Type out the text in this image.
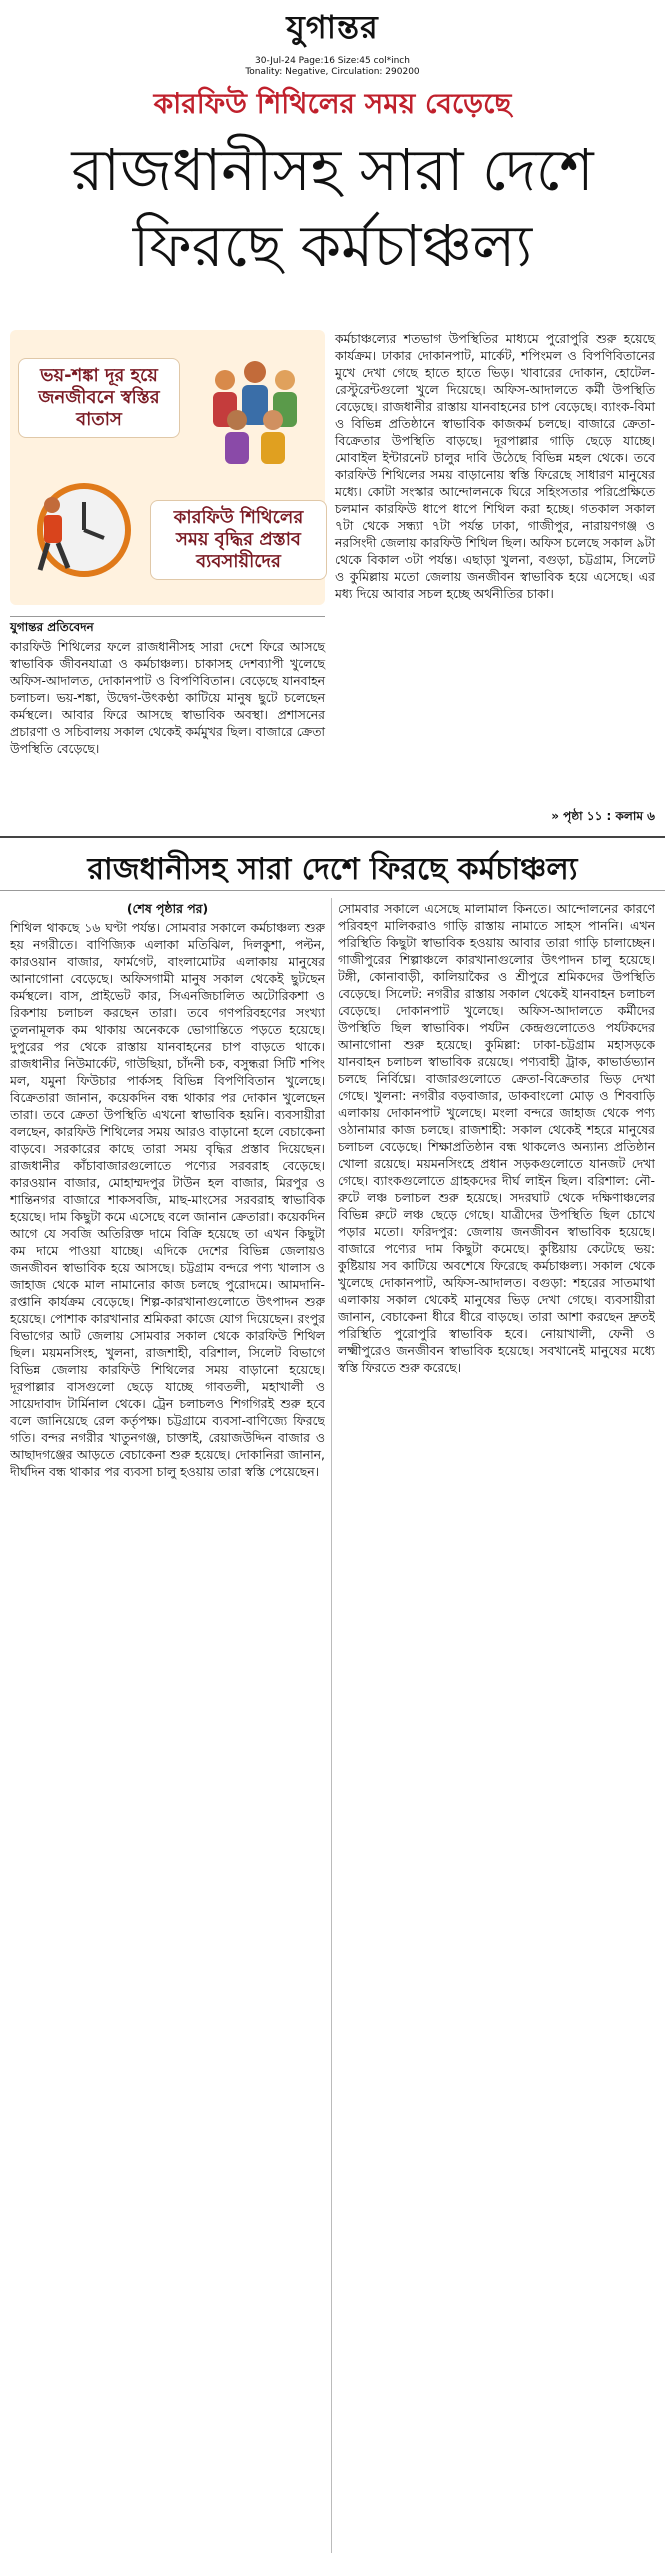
যুগান্তর
30-Jul-24 Page:16 Size:45 col*inch
Tonality: Negative, Circulation: 290200
কারফিউ শিথিলের সময় বেড়েছে
রাজধানীসহ সারা দেশে
ফিরছে কর্মচাঞ্চল্য
ভয়-শঙ্কা দূর হয়ে জনজীবনে স্বস্তির বাতাস
কারফিউ শিথিলের সময় বৃদ্ধির প্রস্তাব ব্যবসায়ীদের
কর্মচাঞ্চল্যের শতভাগ উপস্থিতির মাধ্যমে পুরোপুরি শুরু হয়েছে কার্যক্রম। ঢাকার দোকানপাট, মার্কেট, শপিংমল ও বিপণিবিতানের মুখে দেখা গেছে হাতে হাতে ভিড়। খাবারের দোকান, হোটেল-রেস্টুরেন্টগুলো খুলে দিয়েছে। অফিস-আদালতে কর্মী উপস্থিতি বেড়েছে। রাজধানীর রাস্তায় যানবাহনের চাপ বেড়েছে। ব্যাংক-বিমা ও বিভিন্ন প্রতিষ্ঠানে স্বাভাবিক কাজকর্ম চলছে। বাজারে ক্রেতা-বিক্রেতার উপস্থিতি বাড়ছে। দূরপাল্লার গাড়ি ছেড়ে যাচ্ছে। মোবাইল ইন্টারনেট চালুর দাবি উঠেছে বিভিন্ন মহল থেকে। তবে কারফিউ শিথিলের সময় বাড়ানোয় স্বস্তি ফিরেছে সাধারণ মানুষের মধ্যে। কোটা সংস্কার আন্দোলনকে ঘিরে সহিংসতার পরিপ্রেক্ষিতে চলমান কারফিউ ধাপে ধাপে শিথিল করা হচ্ছে। গতকাল সকাল ৭টা থেকে সন্ধ্যা ৭টা পর্যন্ত ঢাকা, গাজীপুর, নারায়ণগঞ্জ ও নরসিংদী জেলায় কারফিউ শিথিল ছিল। অফিস চলেছে সকাল ৯টা থেকে বিকাল ৩টা পর্যন্ত। এছাড়া খুলনা, বগুড়া, চট্টগ্রাম, সিলেট ও কুমিল্লায় মতো জেলায় জনজীবন স্বাভাবিক হয়ে এসেছে। এর মধ্য দিয়ে আবার সচল হচ্ছে অর্থনীতির চাকা।
যুগান্তর প্রতিবেদন
কারফিউ শিথিলের ফলে রাজধানীসহ সারা দেশে ফিরে আসছে স্বাভাবিক জীবনযাত্রা ও কর্মচাঞ্চল্য। চাকাসহ দেশব্যাপী খুলেছে অফিস-আদালত, দোকানপাট ও বিপণিবিতান। বেড়েছে যানবাহন চলাচল। ভয়-শঙ্কা, উদ্বেগ-উৎকণ্ঠা কাটিয়ে মানুষ ছুটে চলেছেন কর্মস্থলে। আবার ফিরে আসছে স্বাভাবিক অবস্থা। প্রশাসনের প্রচারণা ও সচিবালয় সকাল থেকেই কর্মমুখর ছিল। বাজারে ক্রেতা উপস্থিতি বেড়েছে।
» পৃষ্ঠা ১১ : কলাম ৬
রাজধানীসহ সারা দেশে ফিরছে কর্মচাঞ্চল্য
(শেষ পৃষ্ঠার পর)
শিথিল থাকছে ১৬ ঘণ্টা পর্যন্ত। সোমবার সকালে কর্মচাঞ্চল্য শুরু হয় নগরীতে। বাণিজ্যিক এলাকা মতিঝিল, দিলকুশা, পল্টন, কারওয়ান বাজার, ফার্মগেট, বাংলামোটর এলাকায় মানুষের আনাগোনা বেড়েছে। অফিসগামী মানুষ সকাল থেকেই ছুটছেন কর্মস্থলে। বাস, প্রাইভেট কার, সিএনজিচালিত অটোরিকশা ও রিকশায় চলাচল করছেন তারা। তবে গণপরিবহণের সংখ্যা তুলনামূলক কম থাকায় অনেককে ভোগান্তিতে পড়তে হয়েছে। দুপুরের পর থেকে রাস্তায় যানবাহনের চাপ বাড়তে থাকে। রাজধানীর নিউমার্কেট, গাউছিয়া, চাঁদনী চক, বসুন্ধরা সিটি শপিং মল, যমুনা ফিউচার পার্কসহ বিভিন্ন বিপণিবিতান খুলেছে। বিক্রেতারা জানান, কয়েকদিন বন্ধ থাকার পর দোকান খুলেছেন তারা। তবে ক্রেতা উপস্থিতি এখনো স্বাভাবিক হয়নি। ব্যবসায়ীরা বলছেন, কারফিউ শিথিলের সময় আরও বাড়ানো হলে বেচাকেনা বাড়বে। সরকারের কাছে তারা সময় বৃদ্ধির প্রস্তাব দিয়েছেন। রাজধানীর কাঁচাবাজারগুলোতে পণ্যের সরবরাহ বেড়েছে। কারওয়ান বাজার, মোহাম্মদপুর টাউন হল বাজার, মিরপুর ও শান্তিনগর বাজারে শাকসবজি, মাছ-মাংসের সরবরাহ স্বাভাবিক হয়েছে। দাম কিছুটা কমে এসেছে বলে জানান ক্রেতারা। কয়েকদিন আগে যে সবজি অতিরিক্ত দামে বিক্রি হয়েছে তা এখন কিছুটা কম দামে পাওয়া যাচ্ছে। এদিকে দেশের বিভিন্ন জেলায়ও জনজীবন স্বাভাবিক হয়ে আসছে। চট্টগ্রাম বন্দরে পণ্য খালাস ও জাহাজ থেকে মাল নামানোর কাজ চলছে পুরোদমে। আমদানি-রপ্তানি কার্যক্রম বেড়েছে। শিল্প-কারখানাগুলোতে উৎপাদন শুরু হয়েছে। পোশাক কারখানার শ্রমিকরা কাজে যোগ দিয়েছেন। রংপুর বিভাগের আট জেলায় সোমবার সকাল থেকে কারফিউ শিথিল ছিল। ময়মনসিংহ, খুলনা, রাজশাহী, বরিশাল, সিলেট বিভাগে বিভিন্ন জেলায় কারফিউ শিথিলের সময় বাড়ানো হয়েছে। দূরপাল্লার বাসগুলো ছেড়ে যাচ্ছে গাবতলী, মহাখালী ও সায়েদাবাদ টার্মিনাল থেকে। ট্রেন চলাচলও শিগগিরই শুরু হবে বলে জানিয়েছে রেল কর্তৃপক্ষ। চট্টগ্রামে ব্যবসা-বাণিজ্যে ফিরছে গতি। বন্দর নগরীর খাতুনগঞ্জ, চাক্তাই, রেয়াজউদ্দিন বাজার ও আছাদগঞ্জের আড়তে বেচাকেনা শুরু হয়েছে। দোকানিরা জানান, দীর্ঘদিন বন্ধ থাকার পর ব্যবসা চালু হওয়ায় তারা স্বস্তি পেয়েছেন।
সোমবার সকালে এসেছে মালামাল কিনতে। আন্দোলনের কারণে পরিবহণ মালিকরাও গাড়ি রাস্তায় নামাতে সাহস পাননি। এখন পরিস্থিতি কিছুটা স্বাভাবিক হওয়ায় আবার তারা গাড়ি চালাচ্ছেন। গাজীপুরের শিল্পাঞ্চলে কারখানাগুলোর উৎপাদন চালু হয়েছে। টঙ্গী, কোনাবাড়ী, কালিয়াকৈর ও শ্রীপুরে শ্রমিকদের উপস্থিতি বেড়েছে। সিলেট: নগরীর রাস্তায় সকাল থেকেই যানবাহন চলাচল বেড়েছে। দোকানপাট খুলেছে। অফিস-আদালতে কর্মীদের উপস্থিতি ছিল স্বাভাবিক। পর্যটন কেন্দ্রগুলোতেও পর্যটকদের আনাগোনা শুরু হয়েছে। কুমিল্লা: ঢাকা-চট্টগ্রাম মহাসড়কে যানবাহন চলাচল স্বাভাবিক রয়েছে। পণ্যবাহী ট্রাক, কাভার্ডভ্যান চলছে নির্বিঘ্নে। বাজারগুলোতে ক্রেতা-বিক্রেতার ভিড় দেখা গেছে। খুলনা: নগরীর বড়বাজার, ডাকবাংলো মোড় ও শিববাড়ি এলাকায় দোকানপাট খুলেছে। মংলা বন্দরে জাহাজ থেকে পণ্য ওঠানামার কাজ চলছে। রাজশাহী: সকাল থেকেই শহরে মানুষের চলাচল বেড়েছে। শিক্ষাপ্রতিষ্ঠান বন্ধ থাকলেও অন্যান্য প্রতিষ্ঠান খোলা রয়েছে। ময়মনসিংহে প্রধান সড়কগুলোতে যানজট দেখা গেছে। ব্যাংকগুলোতে গ্রাহকদের দীর্ঘ লাইন ছিল। বরিশাল: নৌ-রুটে লঞ্চ চলাচল শুরু হয়েছে। সদরঘাট থেকে দক্ষিণাঞ্চলের বিভিন্ন রুটে লঞ্চ ছেড়ে গেছে। যাত্রীদের উপস্থিতি ছিল চোখে পড়ার মতো। ফরিদপুর: জেলায় জনজীবন স্বাভাবিক হয়েছে। বাজারে পণ্যের দাম কিছুটা কমেছে। কুষ্টিয়ায় কেটেছে ভয়: কুষ্টিয়ায় সব কাটিয়ে অবশেষে ফিরেছে কর্মচাঞ্চল্য। সকাল থেকে খুলেছে দোকানপাট, অফিস-আদালত। বগুড়া: শহরের সাতমাথা এলাকায় সকাল থেকেই মানুষের ভিড় দেখা গেছে। ব্যবসায়ীরা জানান, বেচাকেনা ধীরে ধীরে বাড়ছে। তারা আশা করছেন দ্রুতই পরিস্থিতি পুরোপুরি স্বাভাবিক হবে। নোয়াখালী, ফেনী ও লক্ষ্মীপুরেও জনজীবন স্বাভাবিক হয়েছে। সবখানেই মানুষের মধ্যে স্বস্তি ফিরতে শুরু করেছে।
